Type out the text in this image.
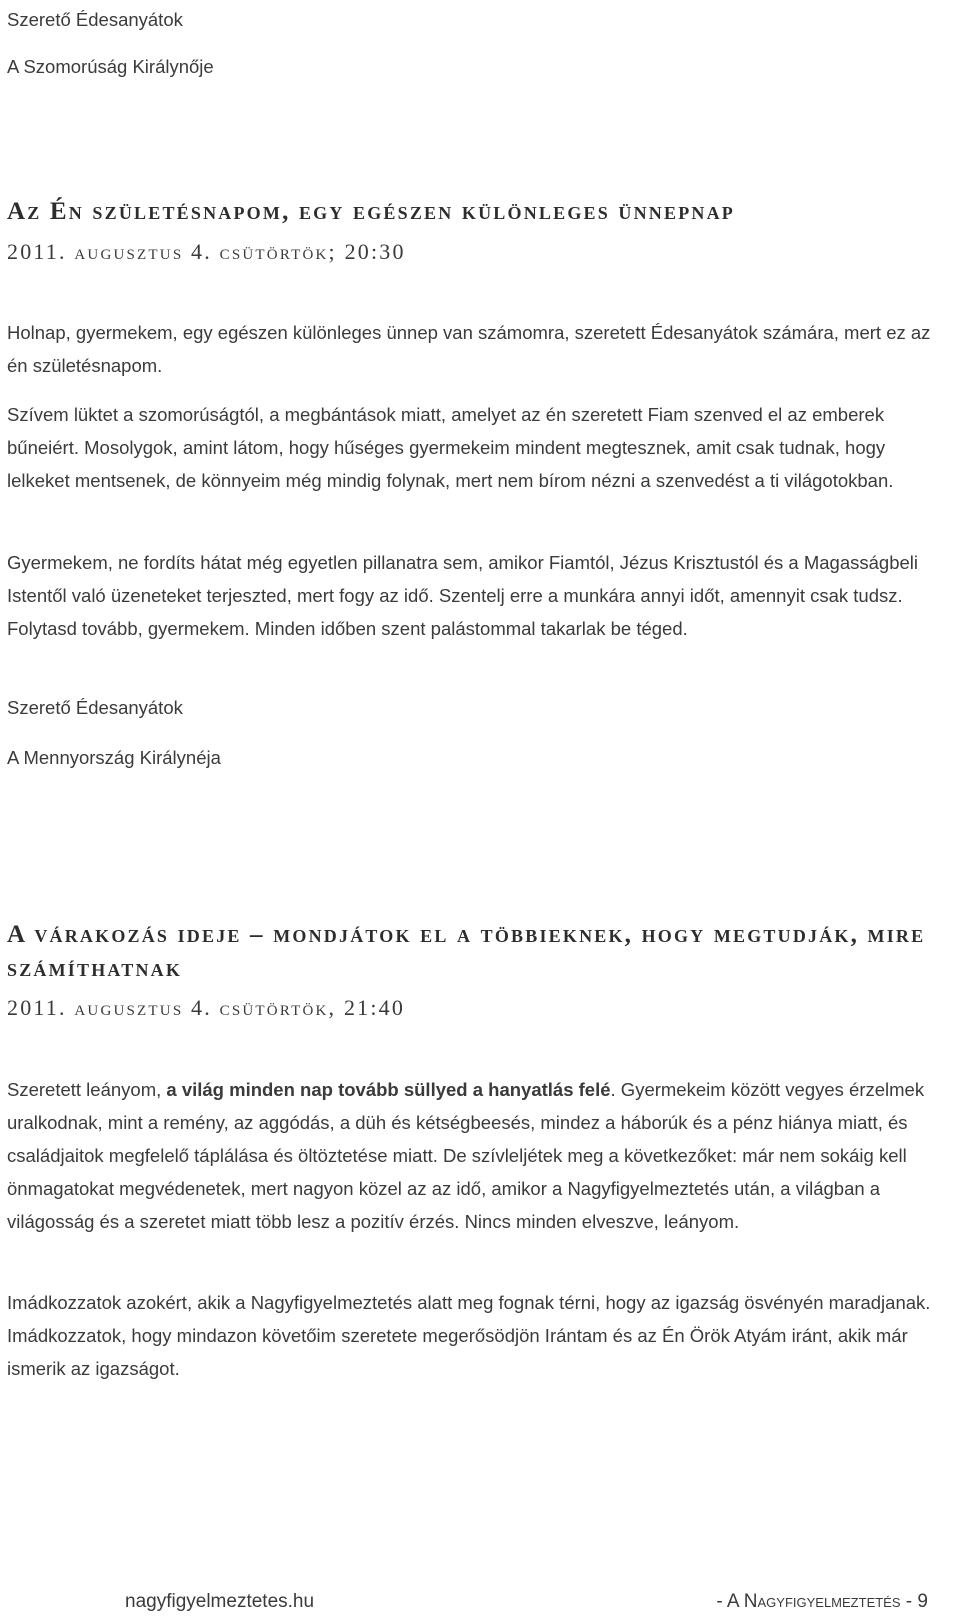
Szerető Édesanyátok
A Szomorúság Királynője
Az Én születésnapom, egy egészen különleges ünnepnap
2011. augusztus 4. csütörtök; 20:30

Holnap, gyermekem, egy egészen különleges ünnep van számomra, szeretett Édesanyátok számára, mert ez az én születésnapom.

Szívem lüktet a szomorúságtól, a megbántások miatt, amelyet az én szeretett Fiam szenved el az emberek bűneiért. Mosolygok, amint látom, hogy hűséges gyermekeim mindent megtesznek, amit csak tudnak, hogy lelkeket mentsenek, de könnyeim még mindig folynak, mert nem bírom nézni a szenvedést a ti világotokban.

Gyermekem, ne fordíts hátat még egyetlen pillanatra sem, amikor Fiamtól, Jézus Krisztustól és a Magasságbeli Istentől való üzeneteket terjeszted, mert fogy az idő. Szentelj erre a munkára annyi időt, amennyit csak tudsz. Folytasd tovább, gyermekem. Minden időben szent palástommal takarlak be téged.

Szerető Édesanyátok
A Mennyország Királynéja
A várakozás ideje – mondjátok el a többieknek, hogy megtudják, mire számíthatnak
2011. augusztus 4. csütörtök, 21:40

Szeretett leányom, a világ minden nap tovább süllyed a hanyatlás felé. Gyermekeim között vegyes érzelmek uralkodnak, mint a remény, az aggódás, a düh és kétségbeesés, mindez a háborúk és a pénz hiánya miatt, és családjaitok megfelelő táplálása és öltöztetése miatt. De szívleljétek meg a következőket: már nem sokáig kell önmagatokat megvédenetek, mert nagyon közel az az idő, amikor a Nagyfigyelmeztetés után, a világban a világosság és a szeretet miatt több lesz a pozitív érzés. Nincs minden elveszve, leányom.

Imádkozzatok azokért, akik a Nagyfigyelmeztetés alatt meg fognak térni, hogy az igazság ösvényén maradjanak. Imádkozzatok, hogy mindazon követőim szeretete megerősödjön Irántam és az Én Örök Atyám iránt, akik már ismerik az igazságot.

nagyfigyelmeztetes.hu	- A Nagyfigyelmeztetés - 9
